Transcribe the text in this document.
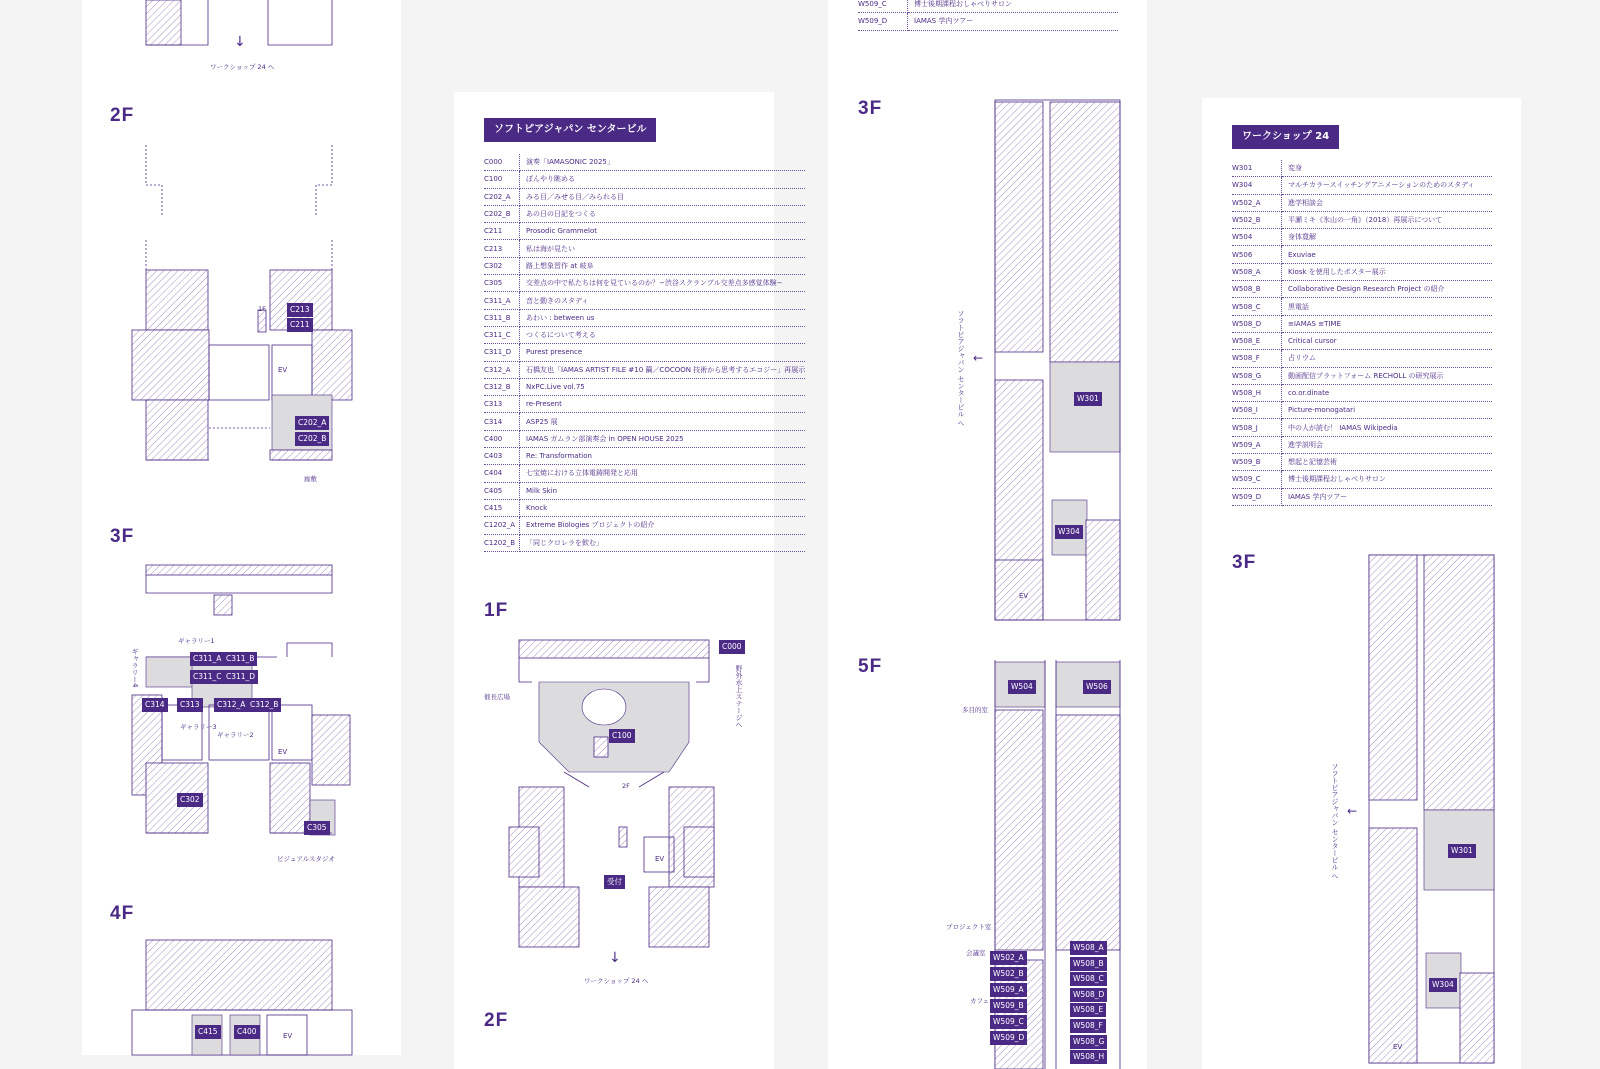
↓
ワークショップ 24 へ
2F
C213
C211
C202_A
C202_B
1F
EV
廊敷
3F
ギャラリー1
ギャラリー4	C311_A C311_B
C311_C C311_D
C314	C313	C312_A C312_B
ギャラリー3
ギャラリー2
EV
C302
C305
ビジュアルスタジオ
4F
C415	C400	EV
ソフトピアジャパン センタービル
C000	演奏「IAMASONIC 2025」
C100	ぼんやり眺める
C202_A	みる目／みせる目／みられる目
C202_B	あの日の日記をつくる
C211	Prosodic Grammelot
C213	私は海が見たい
C302	路上想象習作 at 岐阜
C305	交差点の中で私たちは何を見ているのか？−渋谷スクランブル交差点多感覚体験−
C311_A	音と動きのスタディ
C311_B	あわい : between us
C311_C	つくるについて考える
C311_D	Purest presence
C312_A	石橋友也「IAMAS ARTIST FILE #10 繭／COCOON 技術から思考するエコジー」再展示
C312_B	NxPC.Live vol.75
C313	re-Present
C314	ASP25 展
C400	IAMAS ガムラン部演奏会 in OPEN HOUSE 2025
C403	Re: Transformation
C404	七宝焼における立体電鋳開発と応用
C405	Milk Skin
C415	Knock
C1202_A	Extreme Biologies プロジェクトの紹介
C1202_B	「同じクロレラを飲む」
1F
C000
野外水上ステージへ
催長広場
C100
2F
EV
受付
↓
ワークショップ 24 へ
2F
W509_C	博士後期課程おしゃべりサロン
W509_D	IAMAS 学内ツアー
3F
ソフトピアジャパン センタービル へ ←
W301
W304
EV
5F
W504	W506
多目的室
プロジェクト室
会議室
カフェ
W502_A
W502_B
W509_A
W509_B
W509_C
W509_D
W508_A
W508_B
W508_C
W508_D
W508_E
W508_F
W508_G
W508_H
ワークショップ 24
W301	変身
W304	マルチカラースイッチングアニメーションのためのスタディ
W502_A	進学相談会
W502_B	平瀬ミキ《氷山の一角》（2018）再展示について
W504	身体寛解
W506	Exuviae
W508_A	Kiosk を使用したポスター展示
W508_B	Collaborative Design Research Project の紹介
W508_C	黒電話
W508_D	≡IAMAS ≡TIME
W508_E	Critical cursor
W508_F	占リウム
W508_G	動画配信プラットフォーム RECHOLL の研究展示
W508_H	co.or.dinate
W508_I	Picture-monogatari
W508_J	中の人が読む！ IAMAS Wikipedia
W509_A	進学説明会
W509_B	想起と記憶芸術
W509_C	博士後期課程おしゃべりサロン
W509_D	IAMAS 学内ツアー
3F
ソフトピアジャパン センタービル へ ←
W301
W304
EV
